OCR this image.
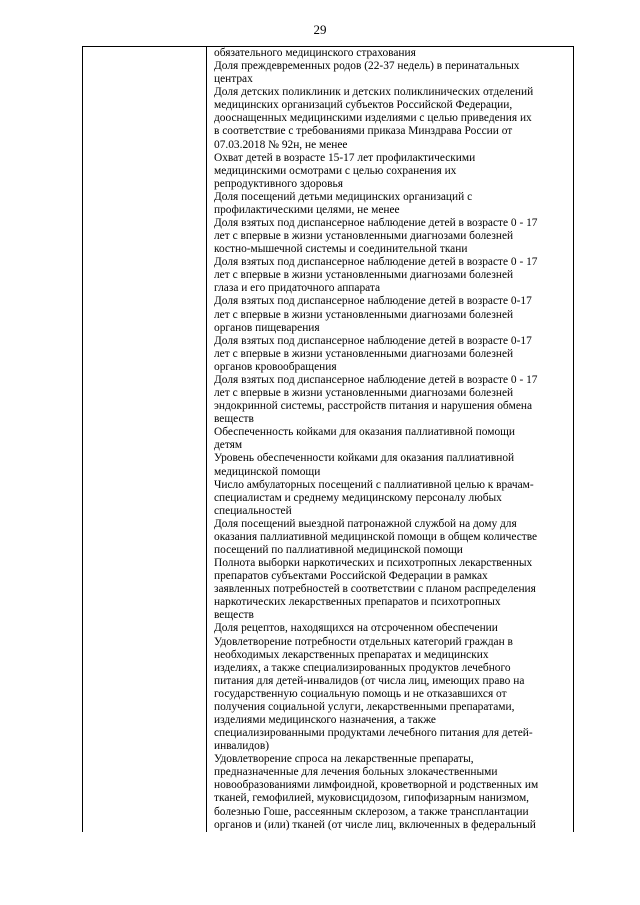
29

обязательного медицинского страхования

Доля преждевременных родов (22-37 недель) в перинатальных

центрах

Доля детских поликлиник и детских поликлинических отделений

медицинских организаций субъектов Российской Федерации,

дооснащенных медицинскими изделиями с целью приведения их

в соответствие с требованиями приказа Минздрава России от

07.03.2018 № 92н, не менее

Охват детей в возрасте 15-17 лет профилактическими

медицинскими осмотрами с целью сохранения их

репродуктивного здоровья

Доля посещений детьми медицинских организаций с

профилактическими целями, не менее

Доля взятых под диспансерное наблюдение детей в возрасте 0 - 17

лет с впервые в жизни установленными диагнозами болезней

костно-мышечной системы и соединительной ткани

Доля взятых под диспансерное наблюдение детей в возрасте 0 - 17

лет с впервые в жизни установленными диагнозами болезней

глаза и его придаточного аппарата

Доля взятых под диспансерное наблюдение детей в возрасте 0-17

лет с впервые в жизни установленными диагнозами болезней

органов пищеварения

Доля взятых под диспансерное наблюдение детей в возрасте 0-17

лет с впервые в жизни установленными диагнозами болезней

органов кровообращения

Доля взятых под диспансерное наблюдение детей в возрасте 0 - 17

лет с впервые в жизни установленными диагнозами болезней

эндокринной системы, расстройств питания и нарушения обмена

веществ

Обеспеченность койками для оказания паллиативной помощи

детям

Уровень обеспеченности койками для оказания паллиативной

медицинской помощи

Число амбулаторных посещений с паллиативной целью к врачам-

специалистам и среднему медицинскому персоналу любых

специальностей

Доля посещений выездной патронажной службой на дому для

оказания паллиативной медицинской помощи в общем количестве

посещений по паллиативной медицинской помощи

Полнота выборки наркотических и психотропных лекарственных

препаратов субъектами Российской Федерации в рамках

заявленных потребностей в соответствии с планом распределения

наркотических лекарственных препаратов и психотропных

веществ

Доля рецептов, находящихся на отсроченном обеспечении

Удовлетворение потребности отдельных категорий граждан в

необходимых лекарственных препаратах и медицинских

изделиях, а также специализированных продуктов лечебного

питания для детей-инвалидов (от числа лиц, имеющих право на

государственную социальную помощь и не отказавшихся от

получения социальной услуги, лекарственными препаратами,

изделиями медицинского назначения, а также

специализированными продуктами лечебного питания для детей-

инвалидов)

Удовлетворение спроса на лекарственные препараты,

предназначенные для лечения больных злокачественными

новообразованиями лимфоидной, кроветворной и родственных им

тканей, гемофилией, муковисцидозом, гипофизарным нанизмом,

болезнью Гоше, рассеянным склерозом, а также трансплантации

органов и (или) тканей (от числе лиц, включенных в федеральный
